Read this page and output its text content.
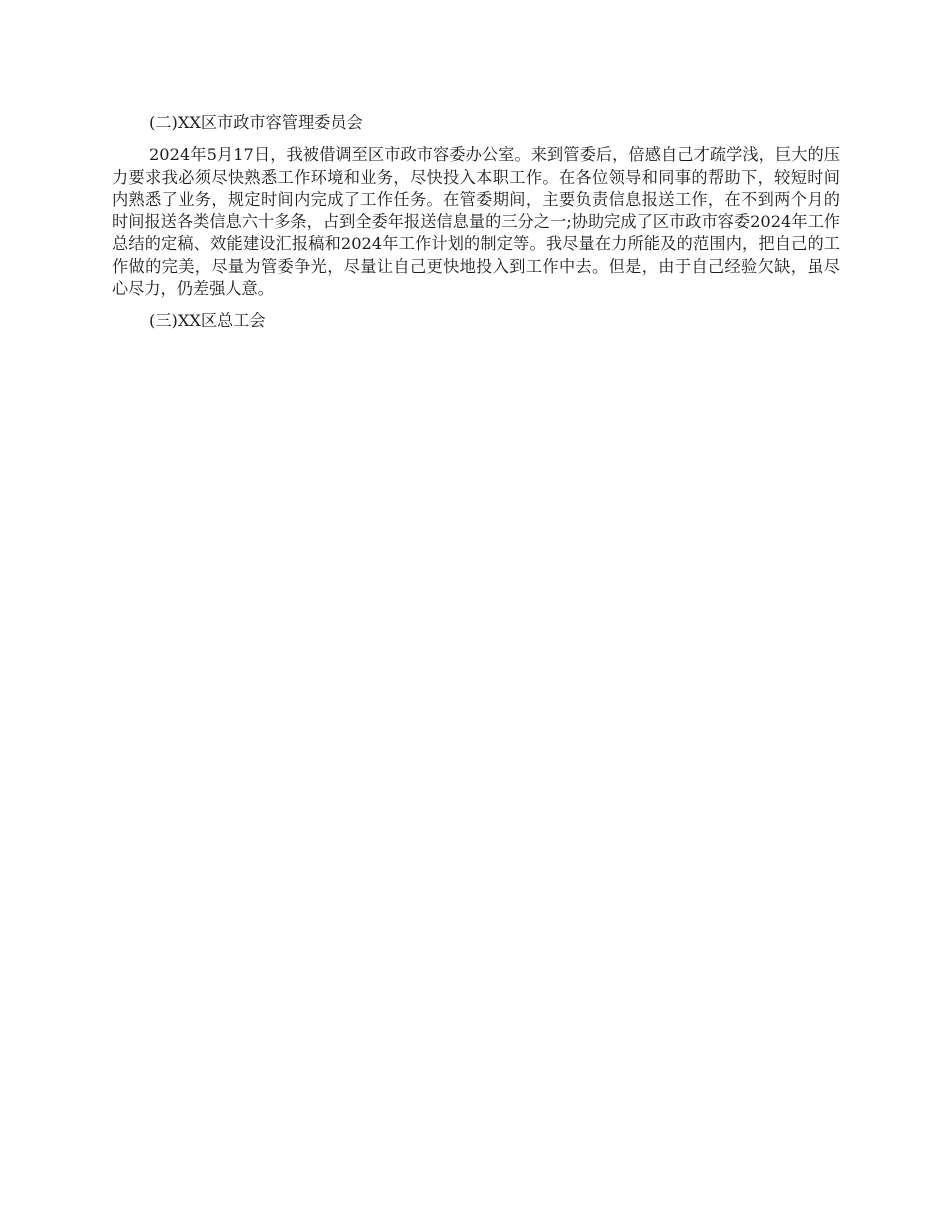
(二)XX区市政市容管理委员会

2024年5月17日，我被借调至区市政市容委办公室。来到管委后，倍感自己才疏学浅，巨大的压力要求我必须尽快熟悉工作环境和业务，尽快投入本职工作。在各位领导和同事的帮助下，较短时间内熟悉了业务，规定时间内完成了工作任务。在管委期间，主要负责信息报送工作，在不到两个月的时间报送各类信息六十多条，占到全委年报送信息量的三分之一;协助完成了区市政市容委2024年工作总结的定稿、效能建设汇报稿和2024年工作计划的制定等。我尽量在力所能及的范围内，把自己的工作做的完美，尽量为管委争光，尽量让自己更快地投入到工作中去。但是，由于自己经验欠缺，虽尽心尽力，仍差强人意。

(三)XX区总工会
